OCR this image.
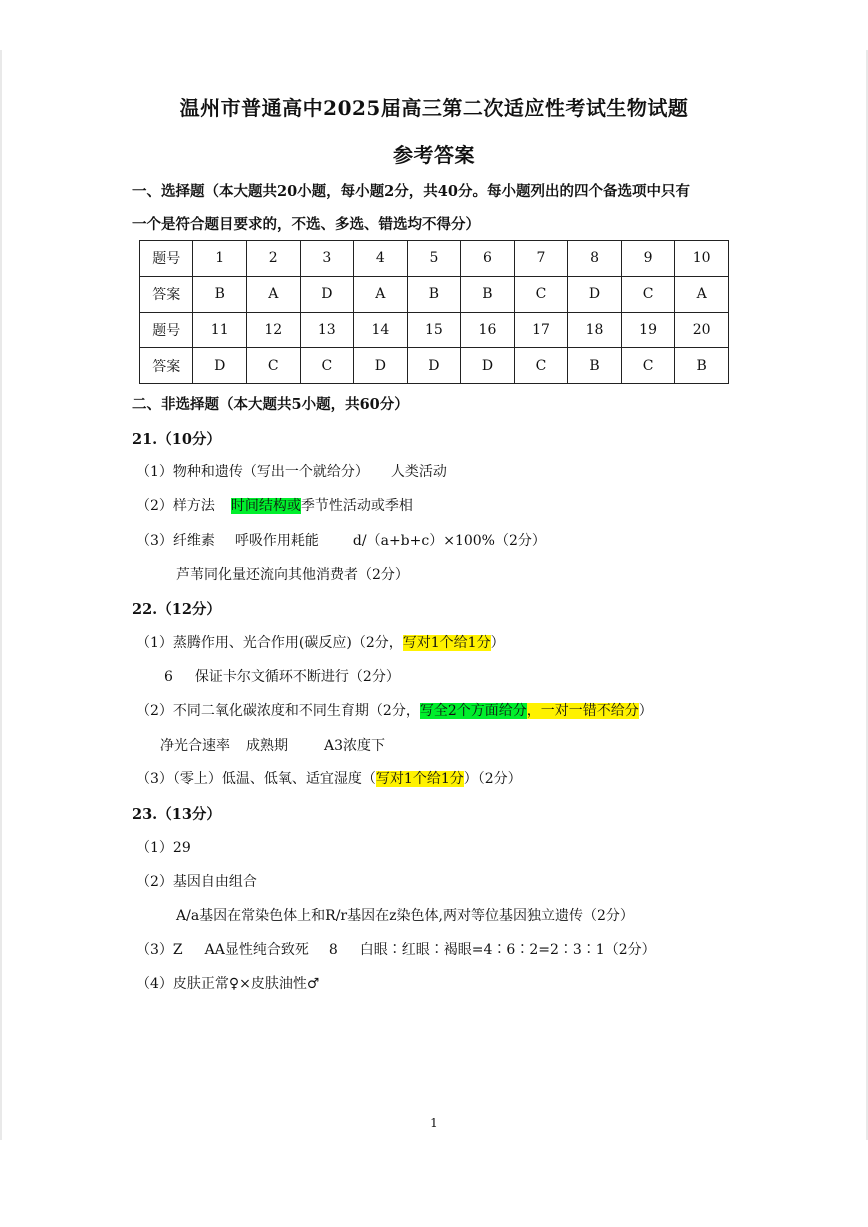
温州市普通高中2025届高三第二次适应性考试生物试题
参考答案
一、选择题（本大题共20小题，每小题2分，共40分。每小题列出的四个备选项中只有
一个是符合题目要求的，不选、多选、错选均不得分）
题号	1	2	3	4	5	6	7	8	9	10
答案	B	A	D	A	B	B	C	D	C	A
题号	11	12	13	14	15	16	17	18	19	20
答案	D	C	C	D	D	D	C	B	C	B
二、非选择题（本大题共5小题，共60分）
21.（10分）
（1）物种和遗传（写出一个就给分） 人类活动
（2）样方法 时间结构或季节性活动或季相
（3）纤维素 呼吸作用耗能 d/（a+b+c）×100%（2分）
芦苇同化量还流向其他消费者（2分）
22.（12分）
（1）蒸腾作用、光合作用(碳反应)（2分，写对1个给1分）
6 保证卡尔文循环不断进行（2分）
（2）不同二氧化碳浓度和不同生育期（2分，写全2个方面给分，一对一错不给分）
净光合速率 成熟期	A3浓度下
（3）（零上）低温、低氧、适宜湿度（写对1个给1分）（2分）
23.（13分）
（1）29
（2）基因自由组合
A/a基因在常染色体上和R/r基因在z染色体,两对等位基因独立遗传（2分）
（3）Z AA显性纯合致死 8 白眼∶红眼∶褐眼=4∶6∶2=2∶3∶1（2分）
（4）皮肤正常♀×皮肤油性♂
1
